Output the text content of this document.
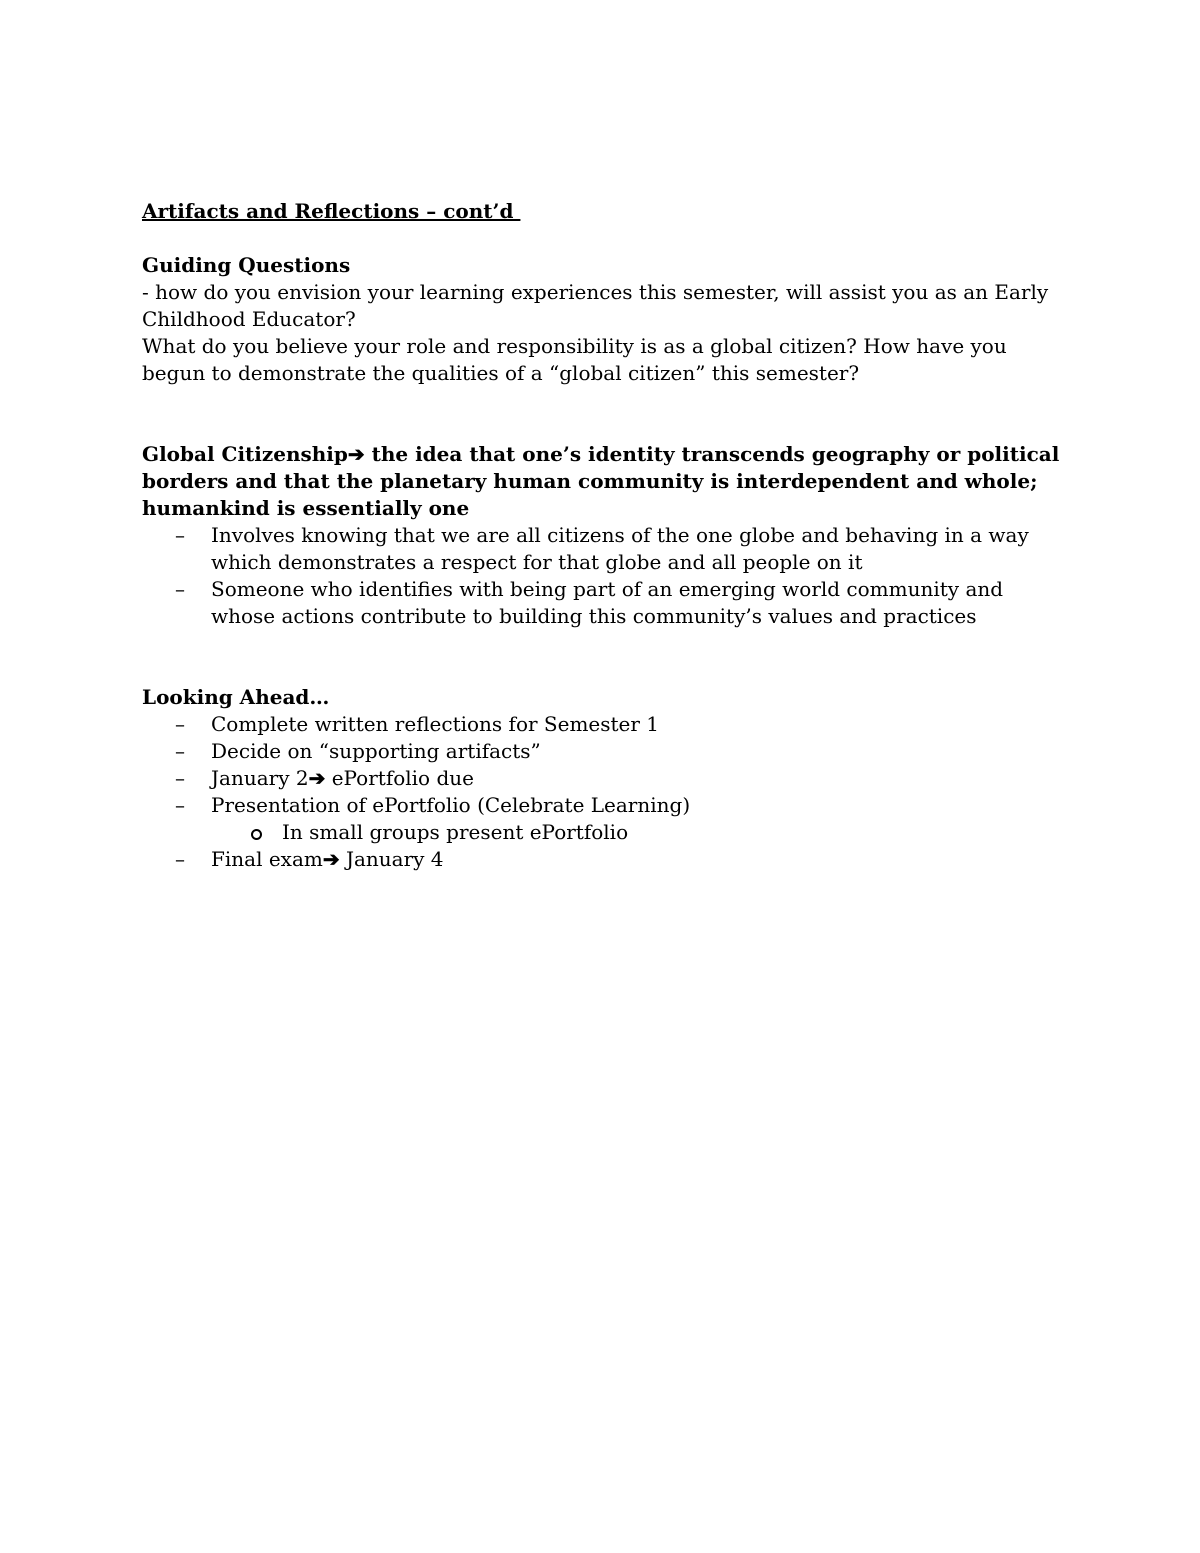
Artifacts and Reflections – cont’d
Guiding Questions

- how do you envision your learning experiences this semester, will assist you as an Early Childhood Educator?

What do you believe your role and responsibility is as a global citizen? How have you begun to demonstrate the qualities of a “global citizen” this semester?

Global Citizenship➔ the idea that one’s identity transcends geography or political borders and that the planetary human community is interdependent and whole; humankind is essentially one
– Involves knowing that we are all citizens of the one globe and behaving in a way which demonstrates a respect for that globe and all people on it
– Someone who identifies with being part of an emerging world community and whose actions contribute to building this community’s values and practices
Looking Ahead…
– Complete written reflections for Semester 1
– Decide on “supporting artifacts”
– January 2➔ ePortfolio due
– Presentation of ePortfolio (Celebrate Learning)
In small groups present ePortfolio
– Final exam➔ January 4
